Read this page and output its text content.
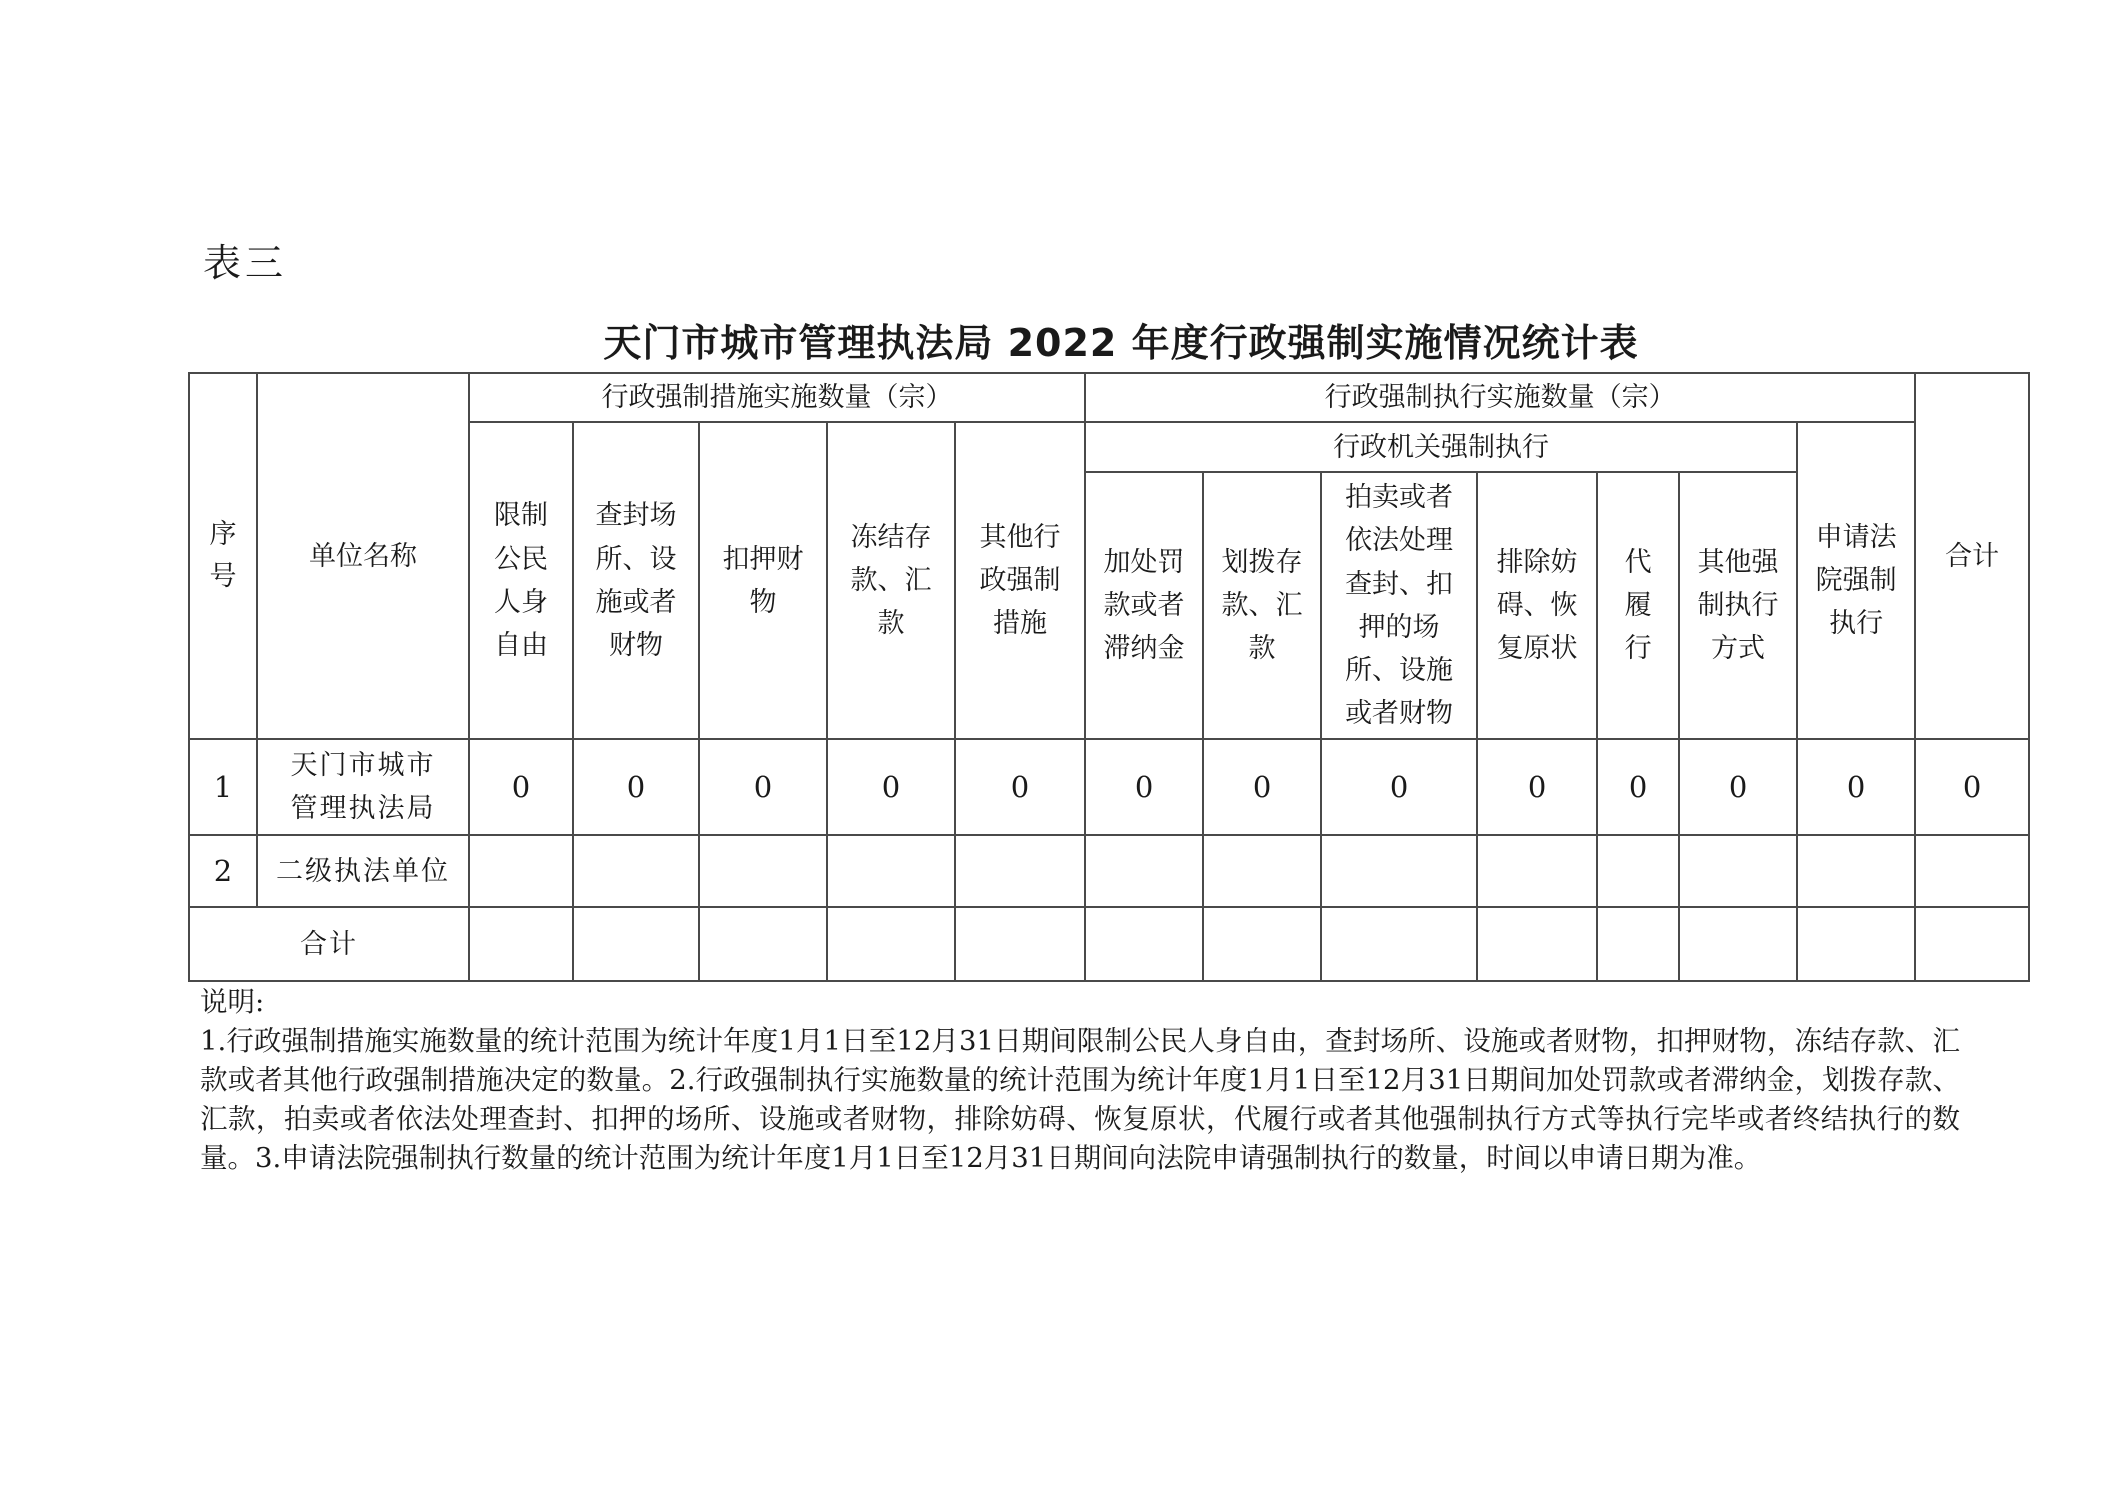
表三
天门市城市管理执法局 2022 年度行政强制实施情况统计表
序号	单位名称	行政强制措施实施数量（宗）					行政强制执行实施数量（宗）							合计

		限制公民人身自由	查封场所、设施或者财物	扣押财物	冻结存款、汇款	其他行政强制措施	行政机关强制执行						申请法院强制执行	

							加处罚款或者滞纳金	划拨存款、汇款	拍卖或者依法处理查封、扣押的场所、设施或者财物	排除妨碍、恢复原状	代履行	其他强制执行方式		

1	天门市城市管理执法局	0	0	0	0	0	0	0	0	0	0	0	0	0
2	二级执法单位													
合计														

说明:

1.行政强制措施实施数量的统计范围为统计年度1月1日至12月31日期间限制公民人身自由，查封场所、设施或者财物，扣押财物，冻结存款、汇款或者其他行政强制措施决定的数量。2.行政强制执行实施数量的统计范围为统计年度1月1日至12月31日期间加处罚款或者滞纳金，划拨存款、汇款，拍卖或者依法处理查封、扣押的场所、设施或者财物，排除妨碍、恢复原状，代履行或者其他强制执行方式等执行完毕或者终结执行的数量。3.申请法院强制执行数量的统计范围为统计年度1月1日至12月31日期间向法院申请强制执行的数量，时间以申请日期为准。
